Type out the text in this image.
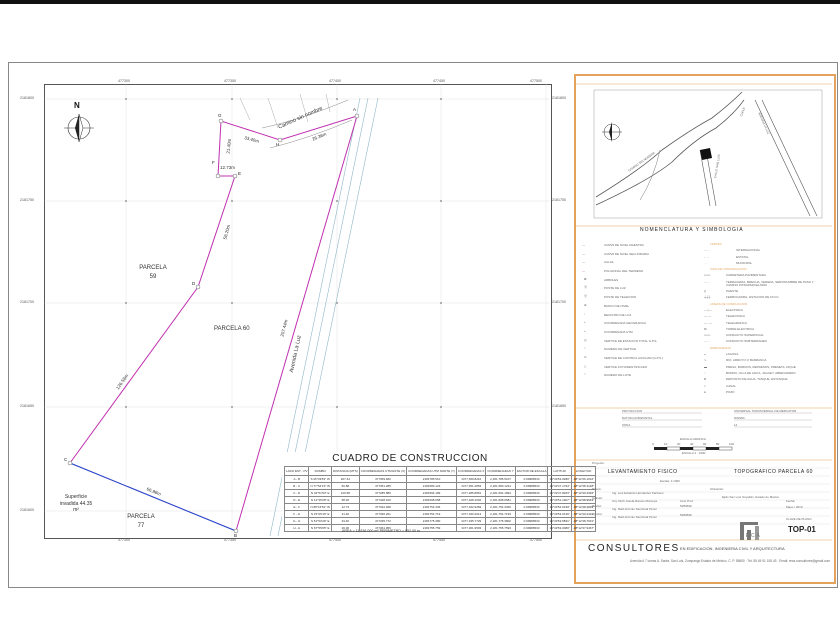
N
477300	477350	477400	477450	477500
477300	477350	477400	477450	477500
2181800
2181750
2181700
2181650
2181600
2181800
2181750
2181700
2181650
PARCELA 59
PARCELA 60
PARCELA 77
Camino sin nombre
Avenida La Luz
A
B
C
D
E
F
G
H
26.36m
33.40m
21.40m
12.73m
58.20m
126.58m
66.88m
207.44m
Superficie invadida 44.35 m²
CUADRO DE CONSTRUCCION
LADO EST - PV	RUMBO	DISTANCIA (MTS)	COORDENADAS UTM ESTE (X)	COORDENADAS UTM NORTE (Y)	COORDENADAS X	COORDENADAS Y	FACTOR DE ESCALA	LATITUD	LONGITUD
A - B	S 06°49'53" W	207.44	477359.820	2181785.510	±477,359.8216	2,181,785.5107	0.99986533	19°43'53.0280"	-98°12'36.1016"
B - C	N 77°54'15" W	66.88	477351.285	2181580.123	±477,351.2853	2,181,580.1231	0.99986533	19°43'47.1794"	-98°12'38.4148"
C - D	N 34°51'53" E	126.58	477285.889	2181594.189	±477,285.8891	2,181,594.1894	0.99986533	19°43'47.8263"	-98°12'40.4394"
D - E	N 14°45'28" E	58.20	477328.100	2181698.058	±477,328.1002	2,181,698.0581	0.99986533	19°43'51.1907"	-98°12'38.9943"
E - F	N 88°16'52" W	12.73	477342.928	2181754.336	±477,342.9283	2,181,754.3366	0.99986533	19°43'52.6199"	-98°12'38.4839"
F - G	N 15°05'16" E	21.40	477330.201	2181754.719	±477,330.2013	2,181,754.7193	0.99986533	19°43'53.0136"	-98°12'39.2432"
G - H	S 51°53'29" E	33.40	477335.772	2181775.380	±477,335.7729	2,181,775.3802	0.99986533	19°43'53.5831"	-98°12'38.7931"
H - A	N 67°55'05" E	26.36	477361.959	2181755.759	±477,361.9593	2,181,755.7593	0.99986533	19°43'53.0080"	-98°12'37.9467"
AREA = 11,836.000 m² PERIMETRO = 552.00 m
CALLE	AVENIDA LA LUZ
CAMINO SIN NOMBRE	CALLE SAN LUIS
NOMENCLATURA Y SIMBOLOGIA
—	CURVA DE NIVEL MAESTRA
—	CURVA DE NIVEL SECUNDARIA
—	CALLE
—	POLIGONAL DEL TERRENO
✿	ARBOLES
Ⓟ	POSTE DE LUZ
Ⓣ	POSTE DE TELEFONO
⊕	BANCO DE NIVEL
▫	REGISTRO DE LUZ
+	COORDENADA GEOGRAFICA
+	COORDENADA UTM
◎	VERTICE DE ESTACION TOTAL G.P.S.
○	NUMERO DE VERTICE
⊙	VERTICE DE CONTROL AUXILIAR (G.P.S.)
△	VERTICE FOTOIDENTIFICADO
○	NUMERO DE LOTE
LIMITES
- - -	INTERNACIONAL
- · -	ESTATAL
· · ·	MUNICIPAL
VIAS DE COMUNICACION
═══	CARRETERA PAVIMENTADA
- - -	TERRACERIA, BRECHA, VEREDA, SERVIDUMBRE DE PASO Y CAMINO INTRAPARCELARIO
)(	PUENTE
┼┼┼	FERROCARRIL, ESTACION DE FF.CC.
LINEAS DE CONDUCCION
—◇—	ELECTRICA
—·—	TELEFONICA
—··—	TELEGRAFICA
⊠	TORRE ELECTRICA
═══	CONDUCTO SUPERFICIAL
- - -	CONDUCTO SUBTERRANEO
HIDROGRAFIA
◒	LAGUNA
∿	RIO, ARROYO O BARRANCA
▬	PRESA, BORDOS, REPRESOS, PRESETA, DIQUE
◌	BORDO, OLLA DE AGUA, JAGUEY, ABREVADERO
◘	DEPOSITO DE AGUA, TANQUE, ESTANQUE
≈	CANAL
●	POZO
PROYECCION	UNIVERSAL TRANSVERSAL DE MERCATOR
DATUM HORIZONTAL	WGS84
ZONA	14
ESCALA GRAFICA
0	10	20	40	60	80	100
ESCALA 1 : 1000
Proyecto:
LEVANTAMIENTO FISICO	TOPOGRAFICO PARCELA 60
Escala: 1:1000
Ubicación:
Ejido San Luis Soyatlán, Estado de México
Dibujó:
Ing. Luis Eduardo Hernández Pacheco
Calculó:
Arq. Ruth Josefa Ramos Montoya
Revisó:
Ing. Raúl Antonio Sandoval Pérez
Aprobó:
Ing. Raúl Antonio Sandoval Pérez
Céd. Prof.
5280596
5280596
Fecha:
Mayo / 2019
RECA
CLAVE DE PLANO
TOP-01
CONSULTORES EN EDIFICACION, INGENIERIA CIVIL Y ARQUITECTURA
Avenida # 7 lomas A. Santa. San Luis, Zumpango Estado de México. C. P. 55650 · Tel: 55 45 91 108 43 · Email: reca.consultores@gmail.com
